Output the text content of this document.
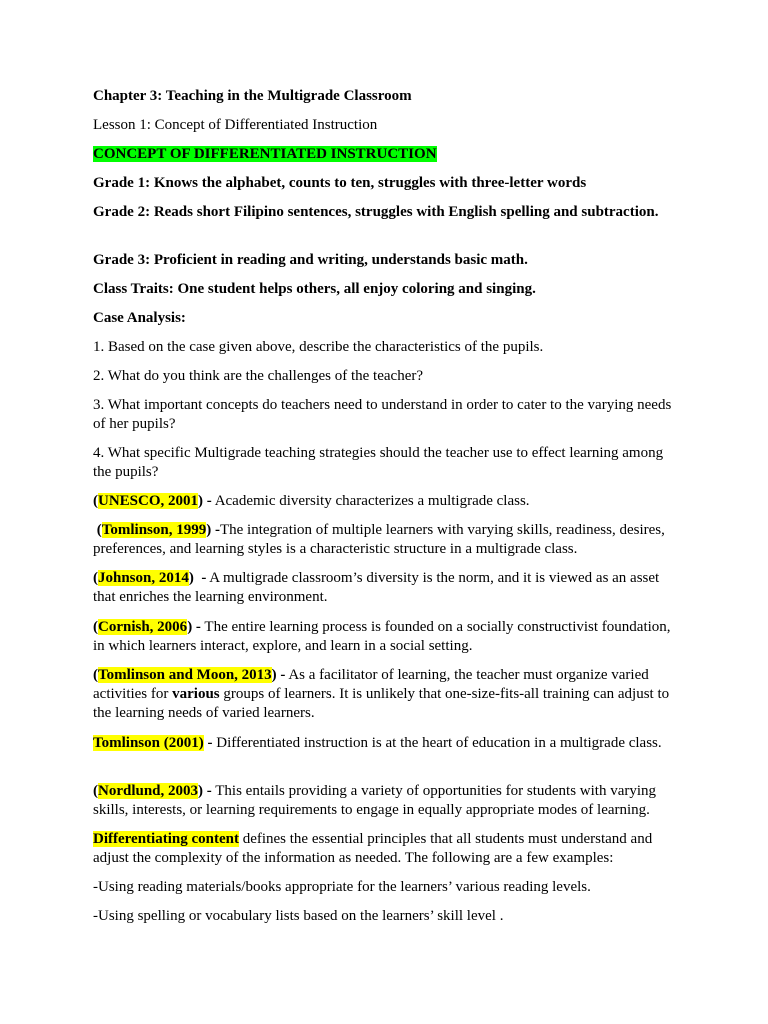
Chapter 3: Teaching in the Multigrade Classroom

Lesson 1: Concept of Differentiated Instruction

CONCEPT OF DIFFERENTIATED INSTRUCTION

Grade 1: Knows the alphabet, counts to ten, struggles with three-letter words

Grade 2: Reads short Filipino sentences, struggles with English spelling and subtraction.

Grade 3: Proficient in reading and writing, understands basic math.

Class Traits: One student helps others, all enjoy coloring and singing.

Case Analysis:

1. Based on the case given above, describe the characteristics of the pupils.

2. What do you think are the challenges of the teacher?

3. What important concepts do teachers need to understand in order to cater to the varying needs of her pupils?

4. What specific Multigrade teaching strategies should the teacher use to effect learning among the pupils?

(UNESCO, 2001) - Academic diversity characterizes a multigrade class.

(Tomlinson, 1999) -The integration of multiple learners with varying skills, readiness, desires, preferences, and learning styles is a characteristic structure in a multigrade class.

(Johnson, 2014)  - A multigrade classroom’s diversity is the norm, and it is viewed as an asset that enriches the learning environment.

(Cornish, 2006) - The entire learning process is founded on a socially constructivist foundation, in which learners interact, explore, and learn in a social setting.

(Tomlinson and Moon, 2013) - As a facilitator of learning, the teacher must organize varied activities for various groups of learners. It is unlikely that one-size-fits-all training can adjust to the learning needs of varied learners.

Tomlinson (2001) - Differentiated instruction is at the heart of education in a multigrade class.

(Nordlund, 2003) - This entails providing a variety of opportunities for students with varying skills, interests, or learning requirements to engage in equally appropriate modes of learning.

Differentiating content defines the essential principles that all students must understand and adjust the complexity of the information as needed. The following are a few examples:

-Using reading materials/books appropriate for the learners’ various reading levels.

-Using spelling or vocabulary lists based on the learners’ skill level .
